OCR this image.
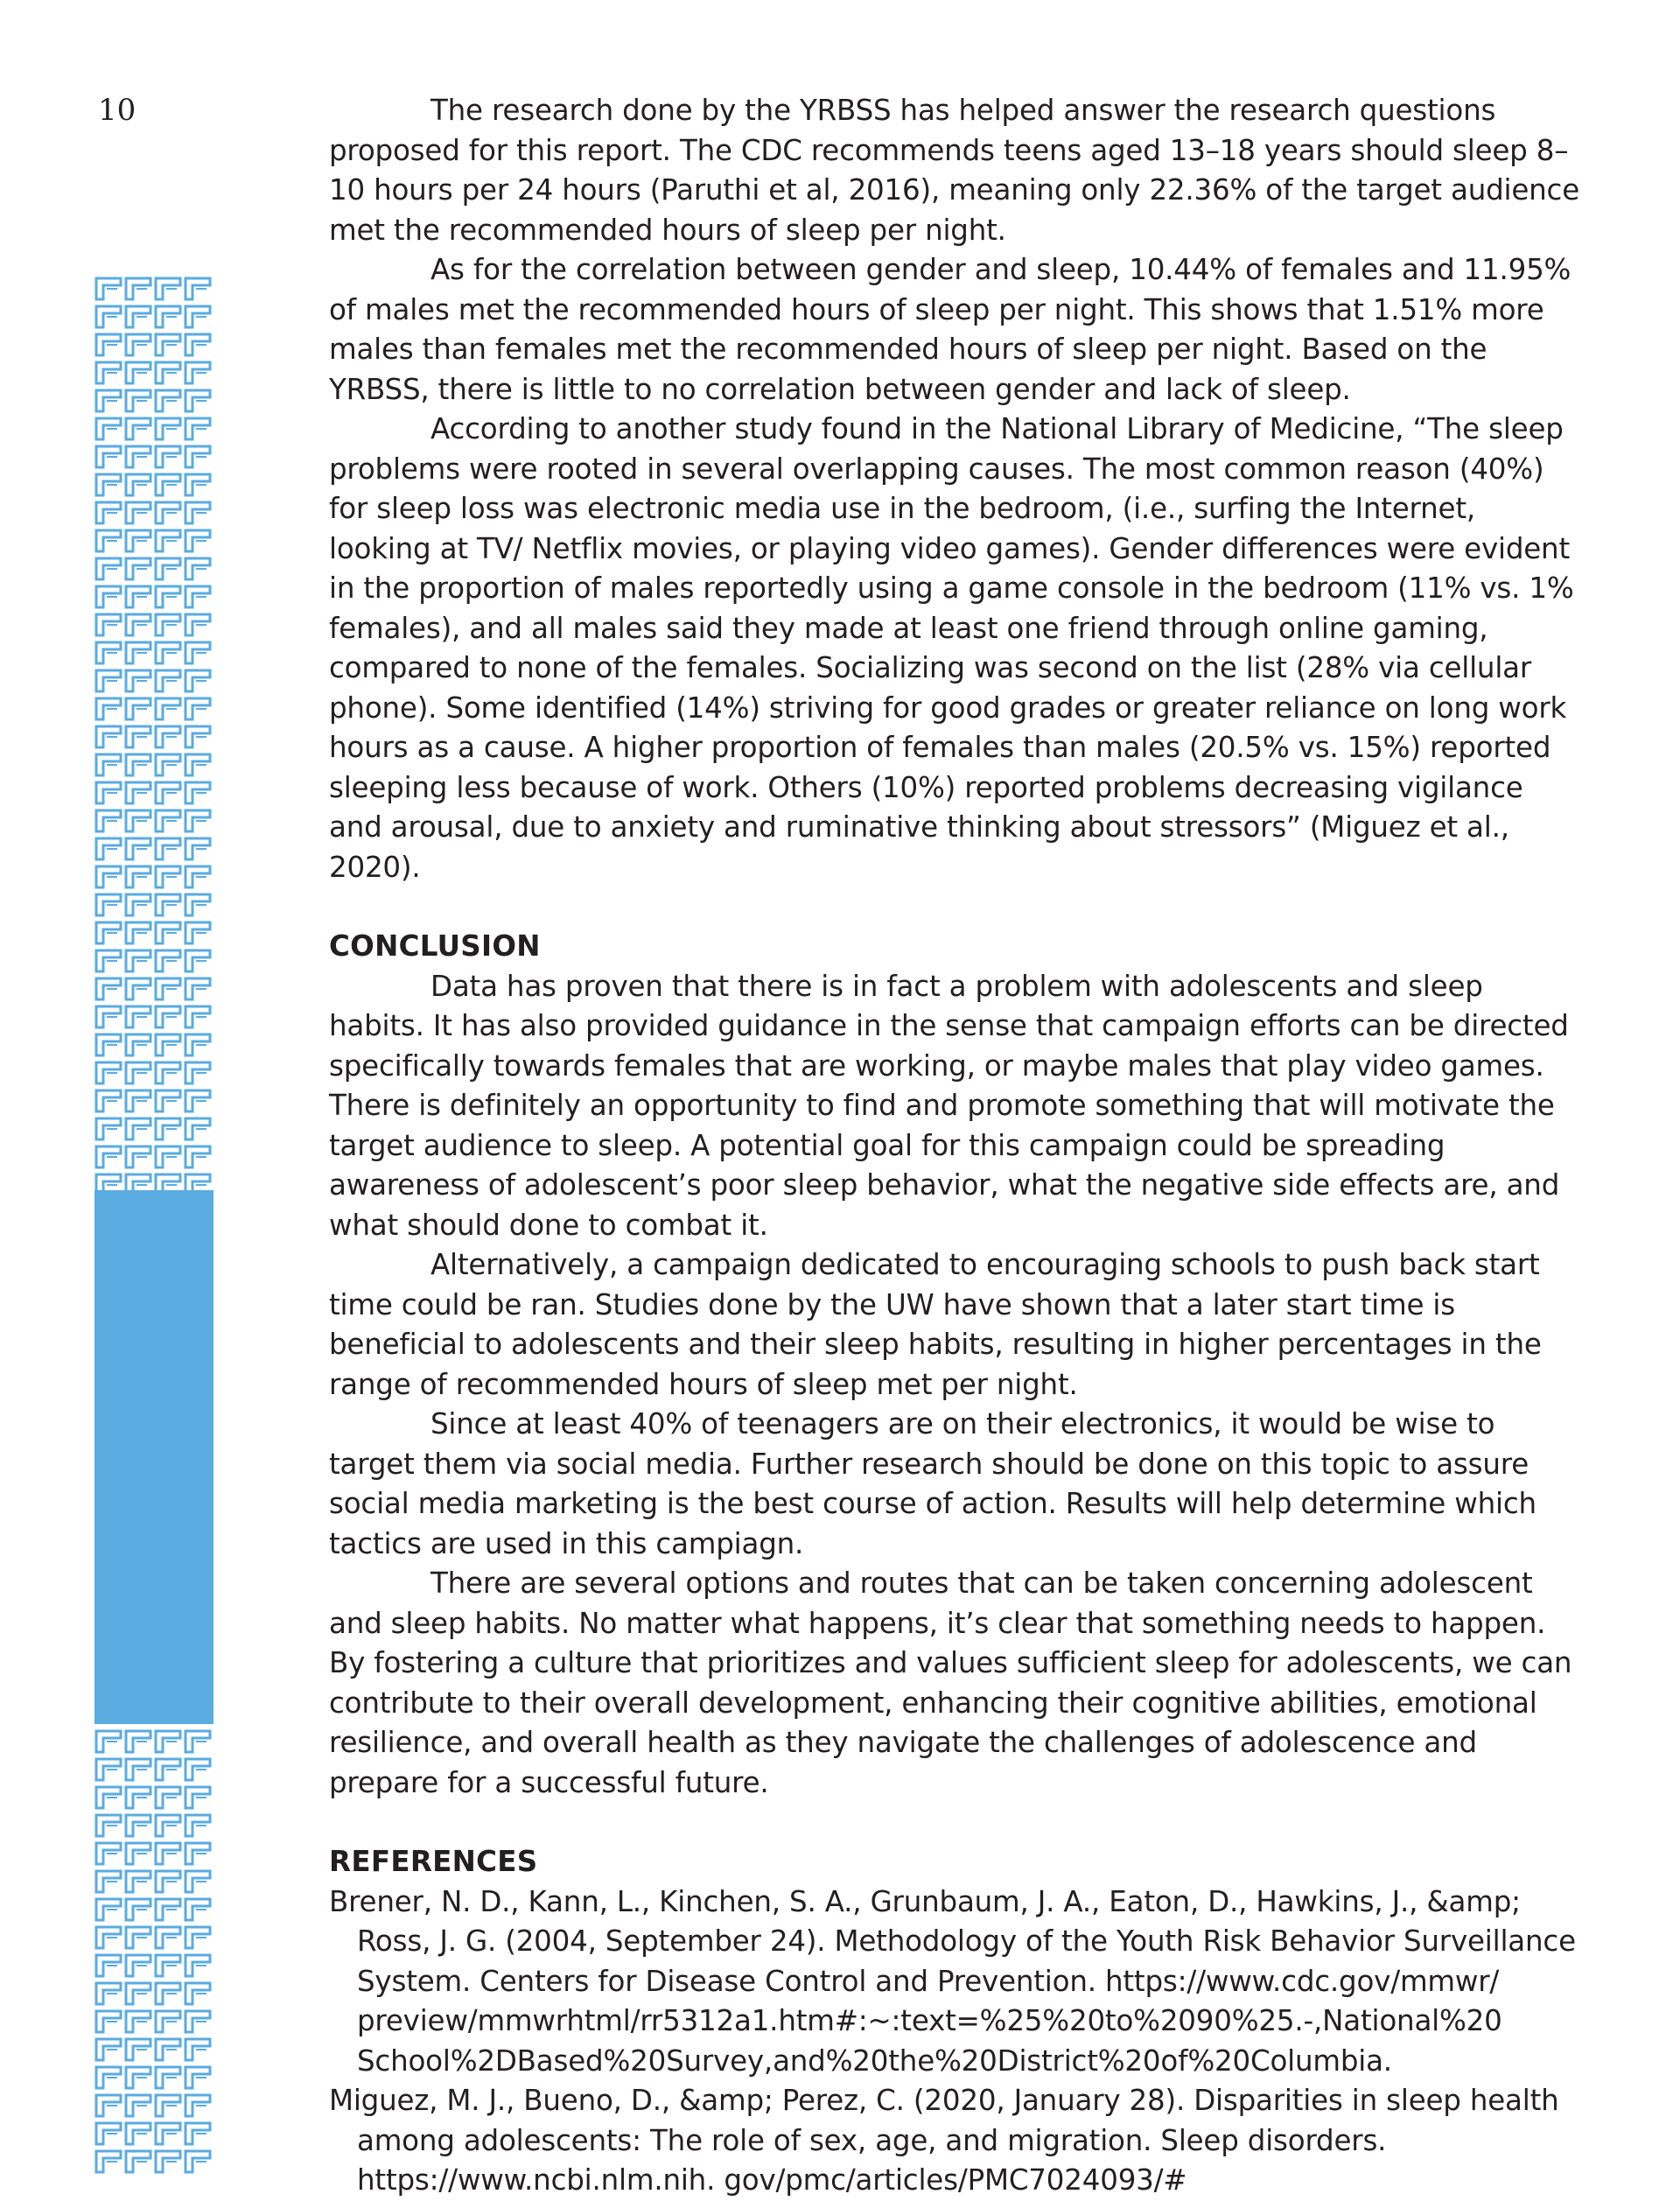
10	The research done by the YRBSS has helped answer the research questions proposed for this report. The CDC recommends teens aged 13–18 years should sleep 8–10 hours per 24 hours (Paruthi et al, 2016), meaning only 22.36% of the target audience met the recommended hours of sleep per night.

As for the correlation between gender and sleep, 10.44% of females and 11.95% of males met the recommended hours of sleep per night. This shows that 1.51% more males than females met the recommended hours of sleep per night. Based on the YRBSS, there is little to no correlation between gender and lack of sleep.

According to another study found in the National Library of Medicine, “The sleep problems were rooted in several overlapping causes. The most common reason (40%) for sleep loss was electronic media use in the bedroom, (i.e., surfing the Internet, looking at TV/ Netflix movies, or playing video games). Gender differences were evident in the proportion of males reportedly using a game console in the bedroom (11% vs. 1% females), and all males said they made at least one friend through online gaming, compared to none of the females. Socializing was second on the list (28% via cellular phone). Some identified (14%) striving for good grades or greater reliance on long work hours as a cause. A higher proportion of females than males (20.5% vs. 15%) reported sleeping less because of work. Others (10%) reported problems decreasing vigilance and arousal, due to anxiety and ruminative thinking about stressors” (Miguez et al., 2020).

CONCLUSION

Data has proven that there is in fact a problem with adolescents and sleep habits. It has also provided guidance in the sense that campaign efforts can be directed specifically towards females that are working, or maybe males that play video games. There is definitely an opportunity to find and promote something that will motivate the target audience to sleep. A potential goal for this campaign could be spreading awareness of adolescent’s poor sleep behavior, what the negative side effects are, and what should done to combat it.

Alternatively, a campaign dedicated to encouraging schools to push back start time could be ran. Studies done by the UW have shown that a later start time is beneficial to adolescents and their sleep habits, resulting in higher percentages in the range of recommended hours of sleep met per night.

Since at least 40% of teenagers are on their electronics, it would be wise to target them via social media. Further research should be done on this topic to assure social media marketing is the best course of action. Results will help determine which tactics are used in this campiagn.

There are several options and routes that can be taken concerning adolescent and sleep habits. No matter what happens, it’s clear that something needs to happen. By fostering a culture that prioritizes and values sufficient sleep for adolescents, we can contribute to their overall development, enhancing their cognitive abilities, emotional resilience, and overall health as they navigate the challenges of adolescence and prepare for a successful future.

REFERENCES
Brener, N. D., Kann, L., Kinchen, S. A., Grunbaum, J. A., Eaton, D., Hawkins, J., &amp; Ross, J. G. (2004, September 24). Methodology of the Youth Risk Behavior Surveillance System. Centers for Disease Control and Prevention. https://www.cdc.gov/mmwr/ preview/mmwrhtml/rr5312a1.htm#:~:text=%25%20to%2090%25.-,National%20 School%2DBased%20Survey,and%20the%20District%20of%20Columbia.
Miguez, M. J., Bueno, D., &amp; Perez, C. (2020, January 28). Disparities in sleep health among adolescents: The role of sex, age, and migration. Sleep disorders. https://www.ncbi.nlm.nih. gov/pmc/articles/PMC7024093/#
